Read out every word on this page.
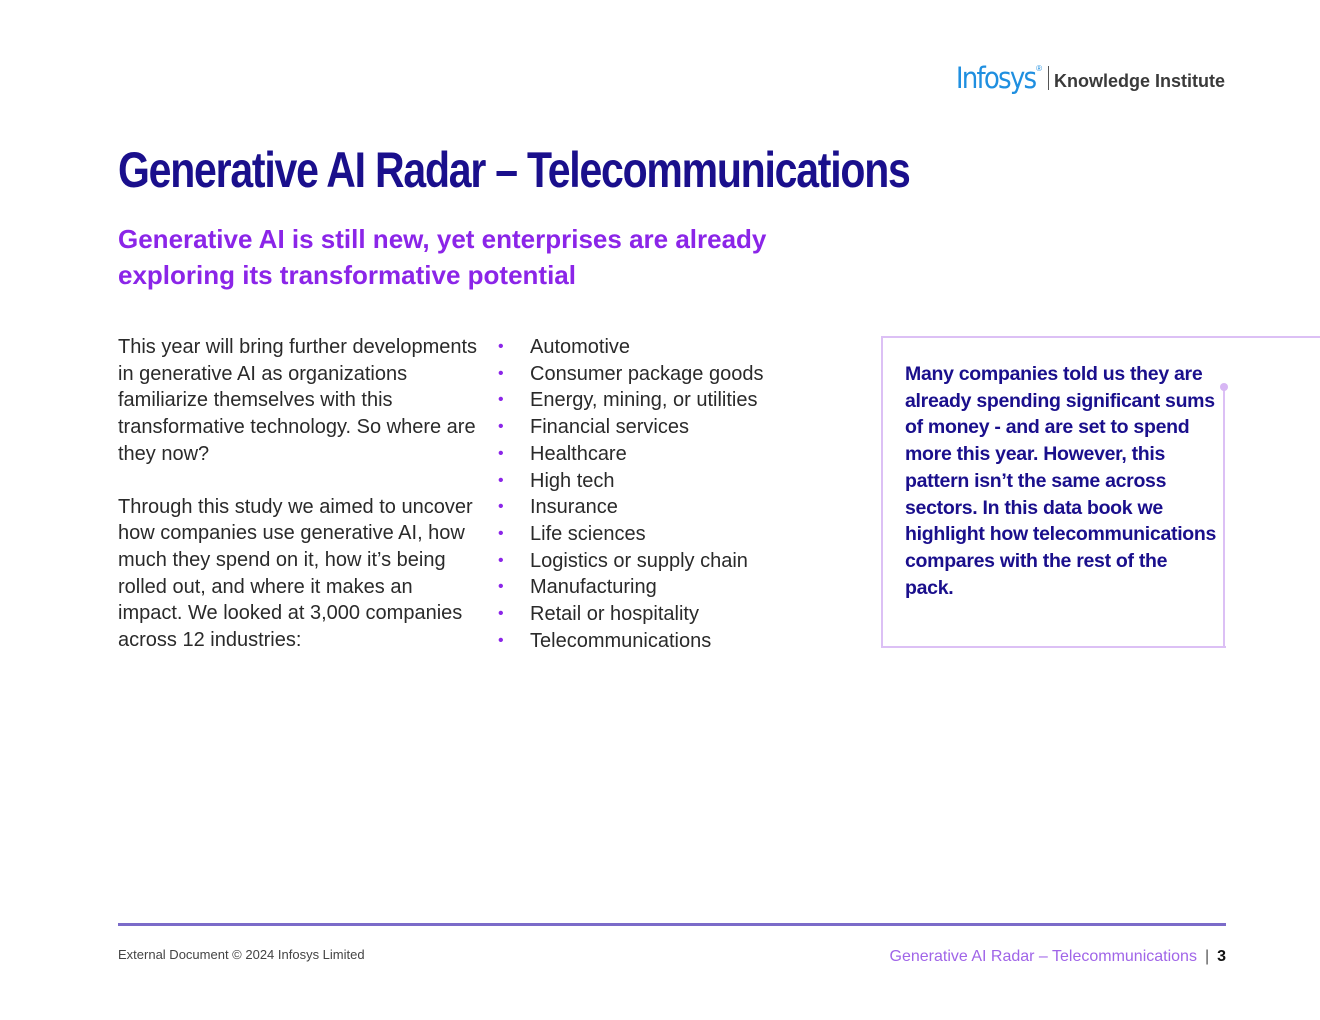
Infosys ®
Knowledge Institute
Generative AI Radar – Telecommunications
Generative AI is still new, yet enterprises are already exploring its transformative potential

This year will bring further developments in generative AI as organizations familiarize themselves with this transformative technology. So where are they now?

Through this study we aimed to uncover how companies use generative AI, how much they spend on it, how it’s being rolled out, and where it makes an impact. We looked at 3,000 companies across 12 industries:

•	Automotive
•	Consumer package goods
•	Energy, mining, or utilities
•	Financial services
•	Healthcare
•	High tech
•	Insurance
•	Life sciences
•	Logistics or supply chain
•	Manufacturing
•	Retail or hospitality
•	Telecommunications

Many companies told us they are already spending significant sums of money - and are set to spend more this year. However, this pattern isn’t the same across sectors. In this data book we highlight how telecommunications compares with the rest of the pack.

External Document © 2024 Infosys Limited	Generative AI Radar – Telecommunications | 3
